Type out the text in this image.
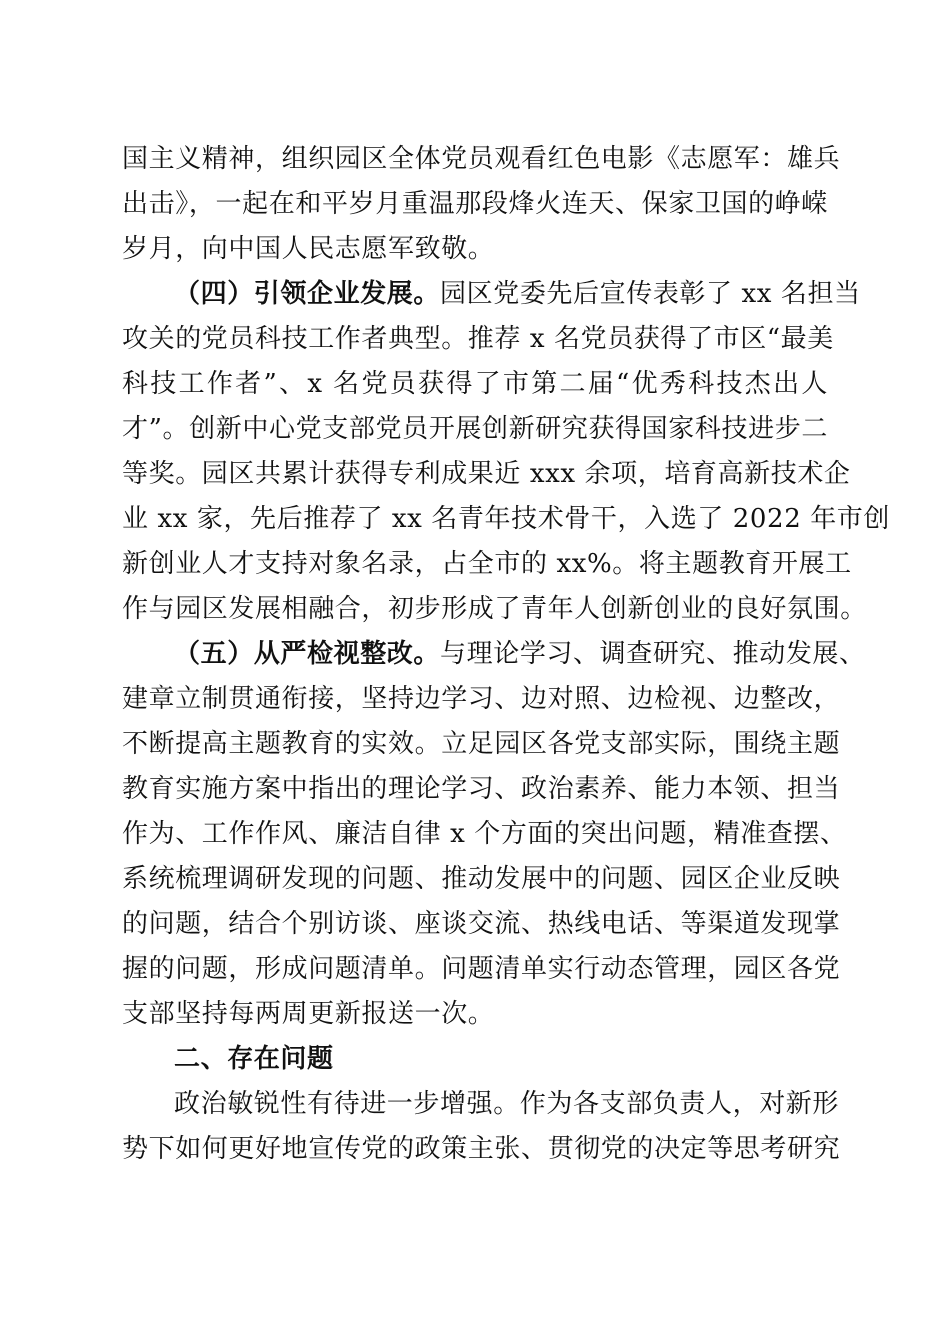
国主义精神，组织园区全体党员观看红色电影《志愿军：雄兵
出击》，一起在和平岁月重温那段烽火连天、保家卫国的峥嵘
岁月，向中国人民志愿军致敬。
（四）引领企业发展。园区党委先后宣传表彰了 xx 名担当
攻关的党员科技工作者典型。推荐 x 名党员获得了市区“最美
科技工作者”、x 名党员获得了市第二届“优秀科技杰出人
才”。创新中心党支部党员开展创新研究获得国家科技进步二
等奖。园区共累计获得专利成果近 xxx 余项，培育高新技术企
业 xx 家，先后推荐了 xx 名青年技术骨干，入选了 2022 年市创
新创业人才支持对象名录，占全市的 xx%。将主题教育开展工
作与园区发展相融合，初步形成了青年人创新创业的良好氛围。
（五）从严检视整改。与理论学习、调查研究、推动发展、
建章立制贯通衔接，坚持边学习、边对照、边检视、边整改，
不断提高主题教育的实效。立足园区各党支部实际，围绕主题
教育实施方案中指出的理论学习、政治素养、能力本领、担当
作为、工作作风、廉洁自律 x 个方面的突出问题，精准查摆、
系统梳理调研发现的问题、推动发展中的问题、园区企业反映
的问题，结合个别访谈、座谈交流、热线电话、等渠道发现掌
握的问题，形成问题清单。问题清单实行动态管理，园区各党
支部坚持每两周更新报送一次。
二、存在问题
政治敏锐性有待进一步增强。作为各支部负责人，对新形
势下如何更好地宣传党的政策主张、贯彻党的决定等思考研究
